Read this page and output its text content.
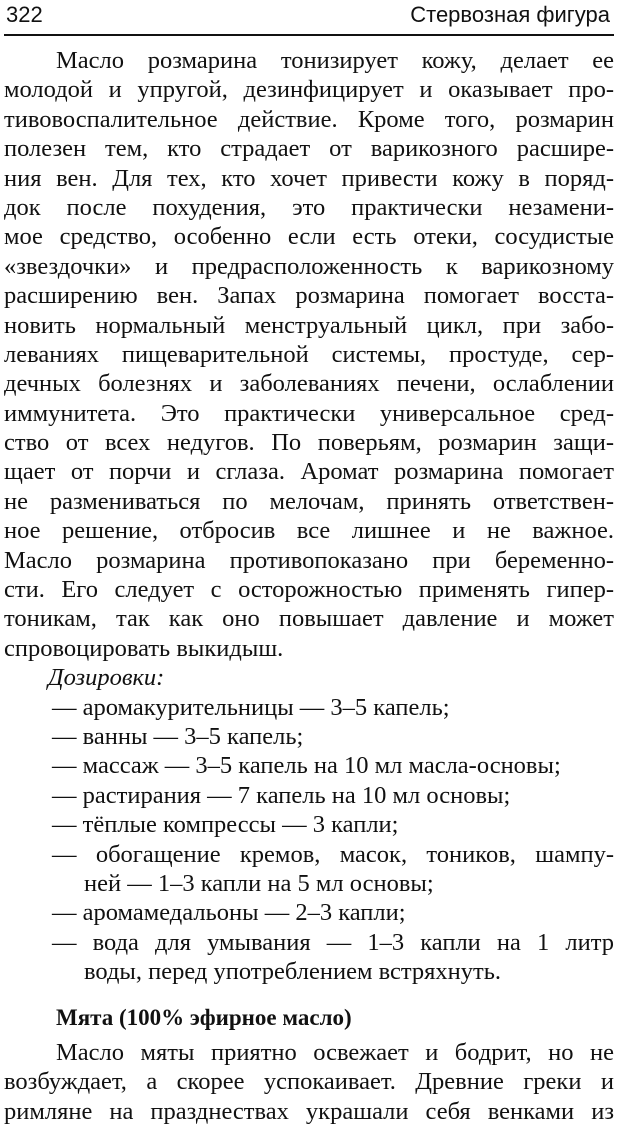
322	Стервозная фигура
Масло розмарина тонизирует кожу, делает ее
молодой и упругой, дезинфицирует и оказывает про-
тивовоспалительное действие. Кроме того, розмарин
полезен тем, кто страдает от варикозного расшире-
ния вен. Для тех, кто хочет привести кожу в поряд-
док после похудения, это практически незамени-
мое средство, особенно если есть отеки, сосудистые
«звездочки» и предрасположенность к варикозному
расширению вен. Запах розмарина помогает восста-
новить нормальный менструальный цикл, при забо-
леваниях пищеварительной системы, простуде, сер-
дечных болезнях и заболеваниях печени, ослаблении
иммунитета. Это практически универсальное сред-
ство от всех недугов. По поверьям, розмарин защи-
щает от порчи и сглаза. Аромат розмарина помогает
не размениваться по мелочам, принять ответствен-
ное решение, отбросив все лишнее и не важное.
Масло розмарина противопоказано при беременно-
сти. Его следует с осторожностью применять гипер-
тоникам, так как оно повышает давление и может
спровоцировать выкидыш.
Дозировки:
— аромакурительницы — 3–5 капель;
— ванны — 3–5 капель;
— массаж — 3–5 капель на 10 мл масла-основы;
— растирания — 7 капель на 10 мл основы;
— тёплые компрессы — 3 капли;
— обогащение кремов, масок, тоников, шампу-
ней — 1–3 капли на 5 мл основы;
— аромамедальоны — 2–3 капли;
— вода для умывания — 1–3 капли на 1 литр
воды, перед употреблением встряхнуть.
Мята (100% эфирное масло)
Масло мяты приятно освежает и бодрит, но не
возбуждает, а скорее успокаивает. Древние греки и
римляне на празднествах украшали себя венками из
